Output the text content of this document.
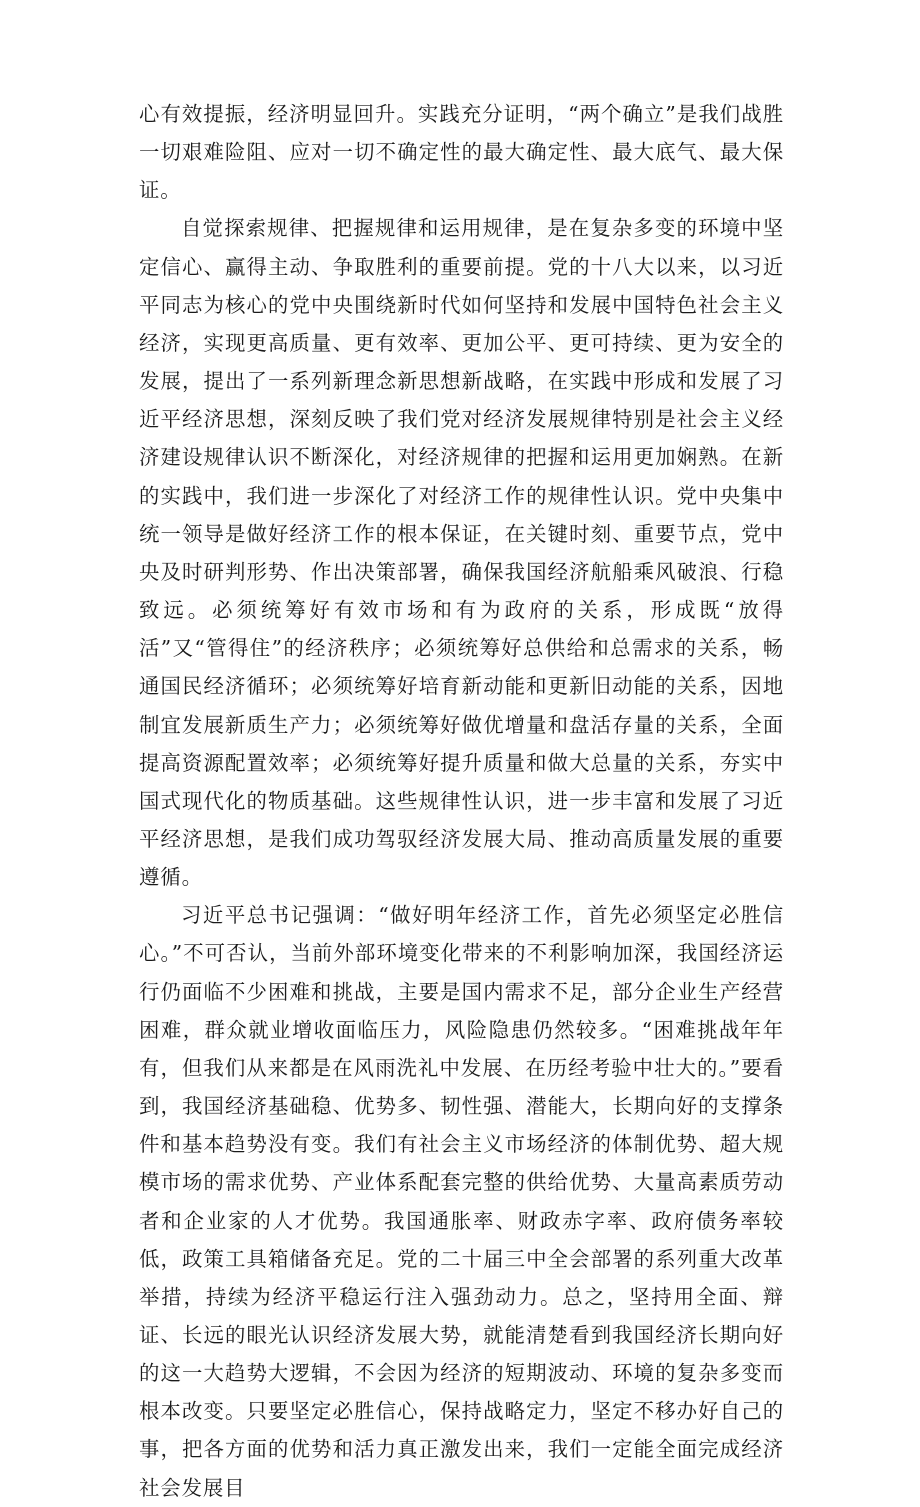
心有效提振，经济明显回升。实践充分证明，“两个确立”是我们战胜一切艰难险阻、应对一切不确定性的最大确定性、最大底气、最大保证。

自觉探索规律、把握规律和运用规律，是在复杂多变的环境中坚定信心、赢得主动、争取胜利的重要前提。党的十八大以来，以习近平同志为核心的党中央围绕新时代如何坚持和发展中国特色社会主义经济，实现更高质量、更有效率、更加公平、更可持续、更为安全的发展，提出了一系列新理念新思想新战略，在实践中形成和发展了习近平经济思想，深刻反映了我们党对经济发展规律特别是社会主义经济建设规律认识不断深化，对经济规律的把握和运用更加娴熟。在新的实践中，我们进一步深化了对经济工作的规律性认识。党中央集中统一领导是做好经济工作的根本保证，在关键时刻、重要节点，党中央及时研判形势、作出决策部署，确保我国经济航船乘风破浪、行稳致远。必须统筹好有效市场和有为政府的关系，形成既“放得活”又“管得住”的经济秩序；必须统筹好总供给和总需求的关系，畅通国民经济循环；必须统筹好培育新动能和更新旧动能的关系，因地制宜发展新质生产力；必须统筹好做优增量和盘活存量的关系，全面提高资源配置效率；必须统筹好提升质量和做大总量的关系，夯实中国式现代化的物质基础。这些规律性认识，进一步丰富和发展了习近平经济思想，是我们成功驾驭经济发展大局、推动高质量发展的重要遵循。

习近平总书记强调：“做好明年经济工作，首先必须坚定必胜信心。”不可否认，当前外部环境变化带来的不利影响加深，我国经济运行仍面临不少困难和挑战，主要是国内需求不足，部分企业生产经营困难，群众就业增收面临压力，风险隐患仍然较多。“困难挑战年年有，但我们从来都是在风雨洗礼中发展、在历经考验中壮大的。”要看到，我国经济基础稳、优势多、韧性强、潜能大，长期向好的支撑条件和基本趋势没有变。我们有社会主义市场经济的体制优势、超大规模市场的需求优势、产业体系配套完整的供给优势、大量高素质劳动者和企业家的人才优势。我国通胀率、财政赤字率、政府债务率较低，政策工具箱储备充足。党的二十届三中全会部署的系列重大改革举措，持续为经济平稳运行注入强劲动力。总之，坚持用全面、辩证、长远的眼光认识经济发展大势，就能清楚看到我国经济长期向好的这一大趋势大逻辑，不会因为经济的短期波动、环境的复杂多变而根本改变。只要坚定必胜信心，保持战略定力，坚定不移办好自己的事，把各方面的优势和活力真正激发出来，我们一定能全面完成经济社会发展目
